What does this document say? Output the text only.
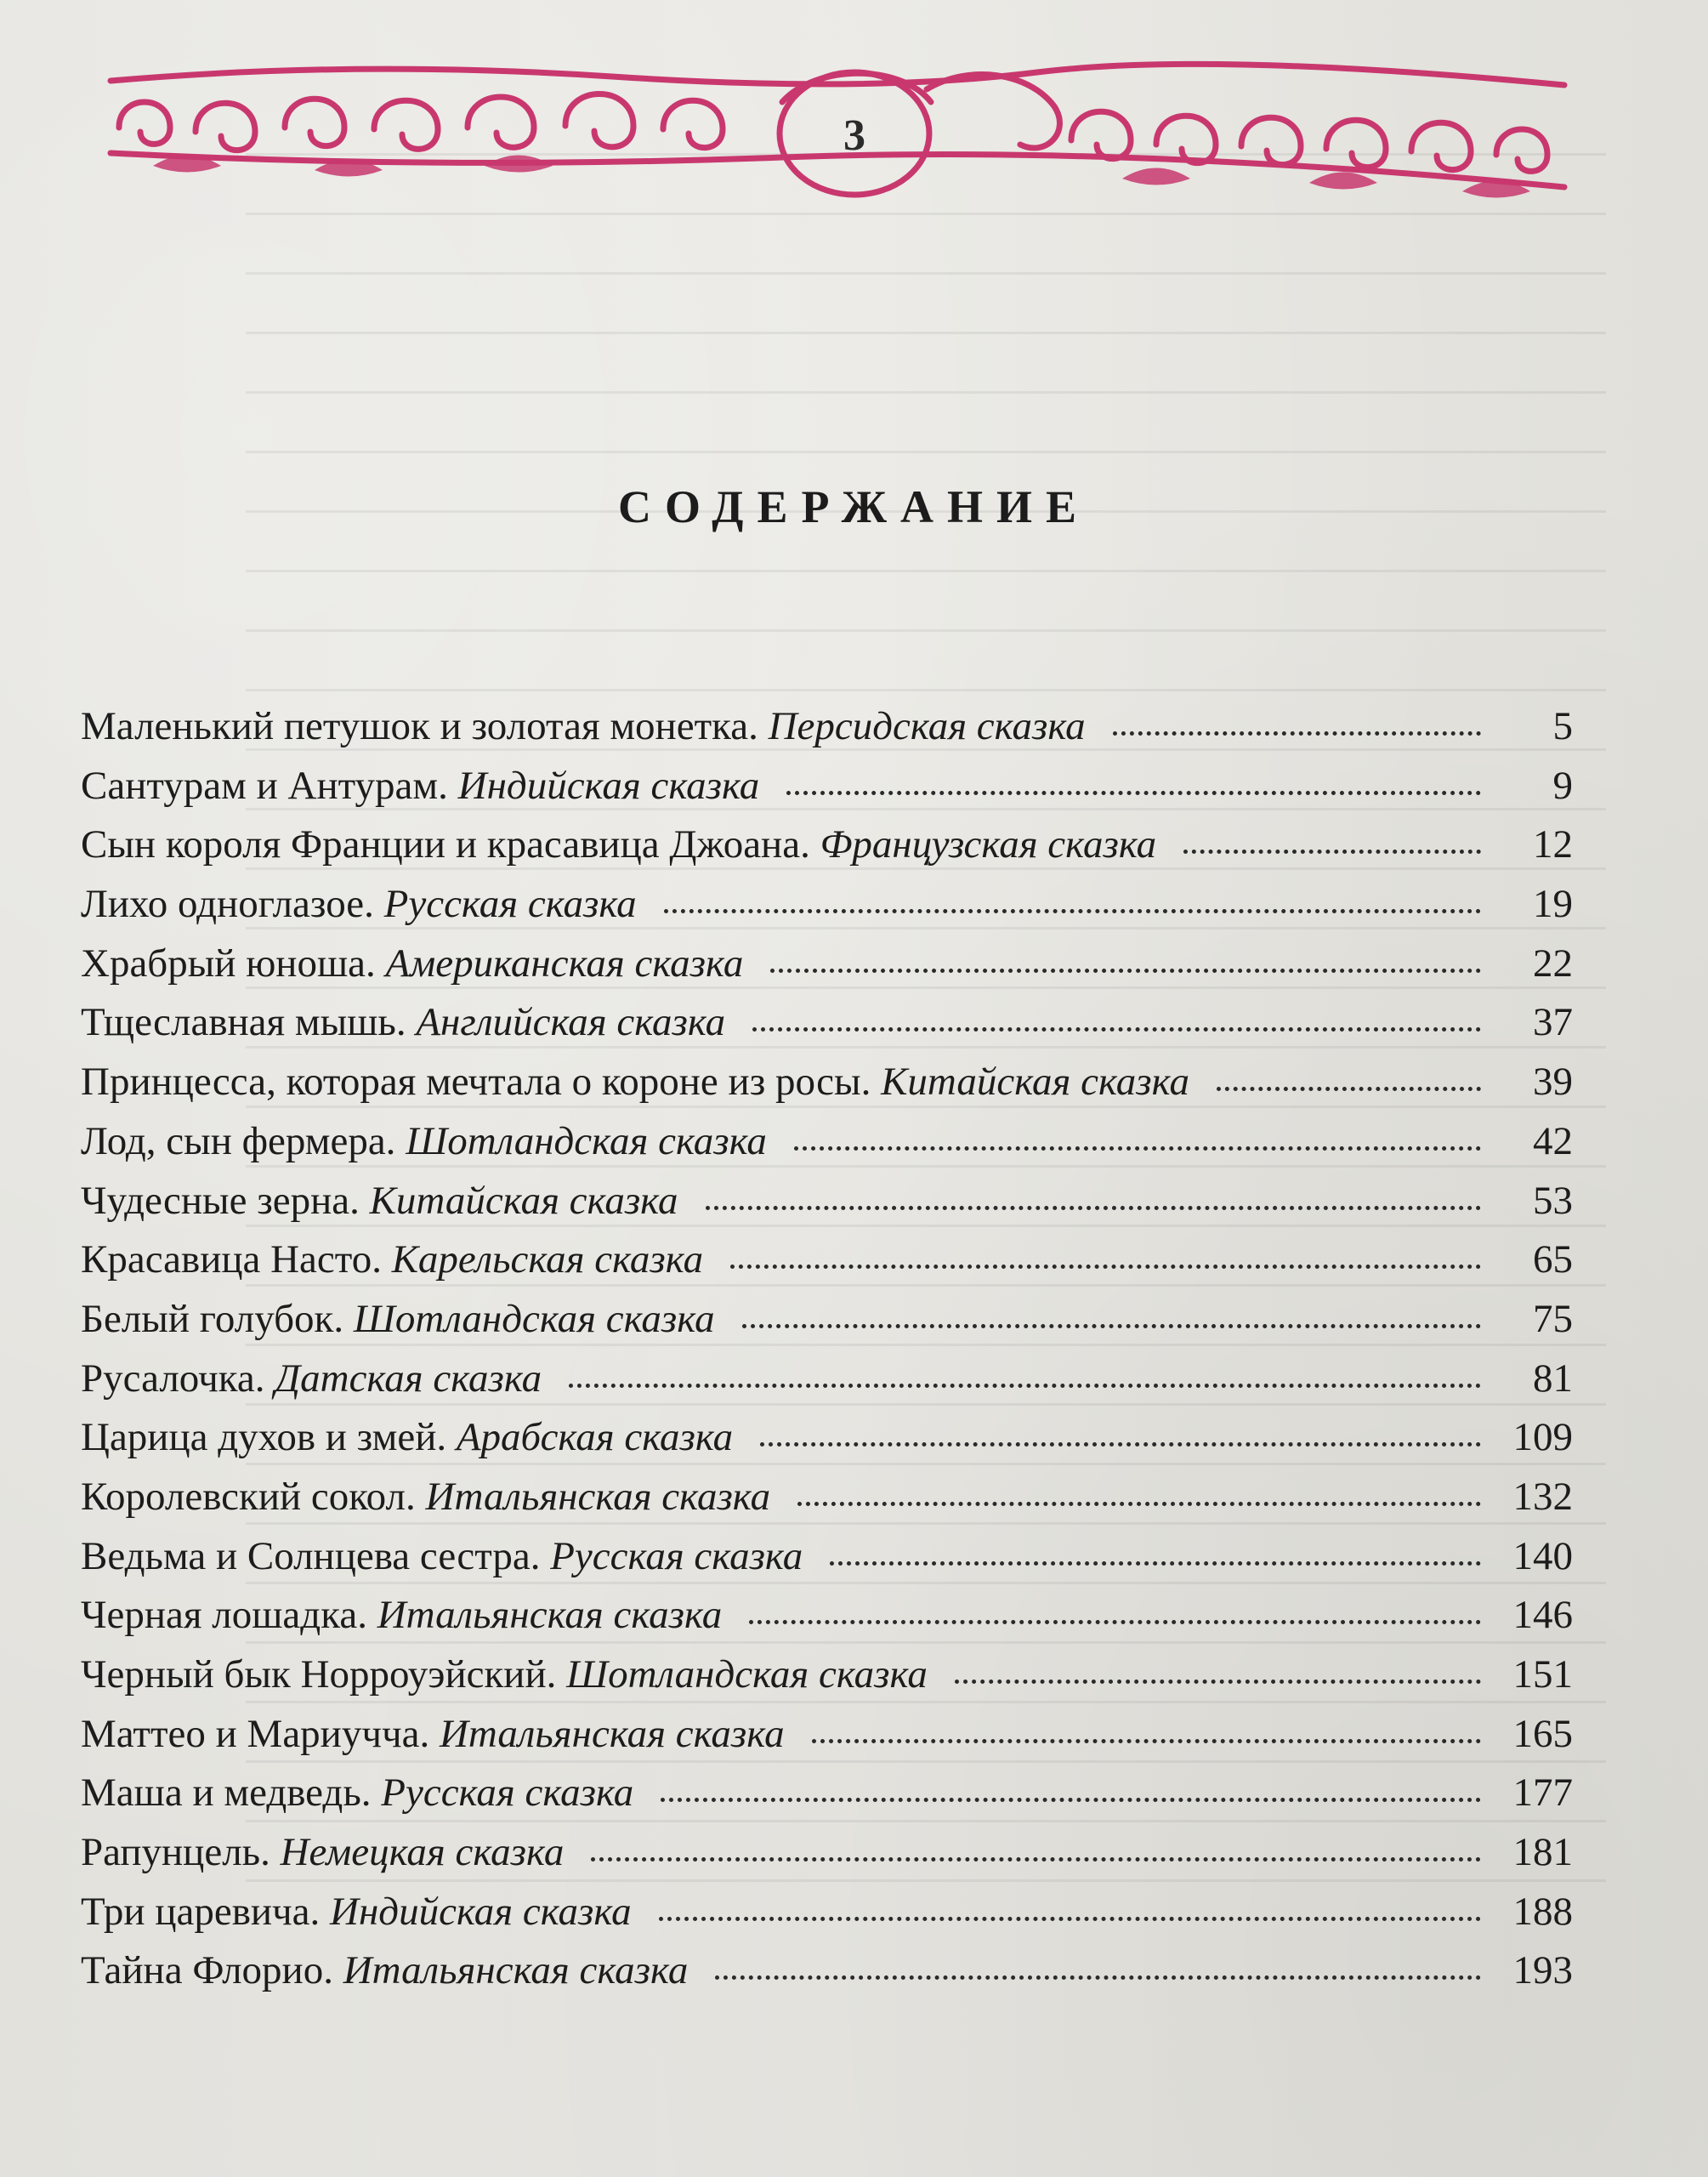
3
СОДЕРЖАНИЕ
Маленький петушок и золотая монетка. Персидская сказка	5
Сантурам и Антурам. Индийская сказка	9
Сын короля Франции и красавица Джоана. Французская сказка	12
Лихо одноглазое. Русская сказка	19
Храбрый юноша. Американская сказка	22
Тщеславная мышь. Английская сказка	37
Принцесса, которая мечтала о короне из росы. Китайская сказка	39
Лод, сын фермера. Шотландская сказка	42
Чудесные зерна. Китайская сказка	53
Красавица Насто. Карельская сказка	65
Белый голубок. Шотландская сказка	75
Русалочка. Датская сказка	81
Царица духов и змей. Арабская сказка	109
Королевский сокол. Итальянская сказка	132
Ведьма и Солнцева сестра. Русская сказка	140
Черная лошадка. Итальянская сказка	146
Черный бык Норроуэйский. Шотландская сказка	151
Маттео и Мариучча. Итальянская сказка	165
Маша и медведь. Русская сказка	177
Рапунцель. Немецкая сказка	181
Три царевича. Индийская сказка	188
Тайна Флорио. Итальянская сказка	193
